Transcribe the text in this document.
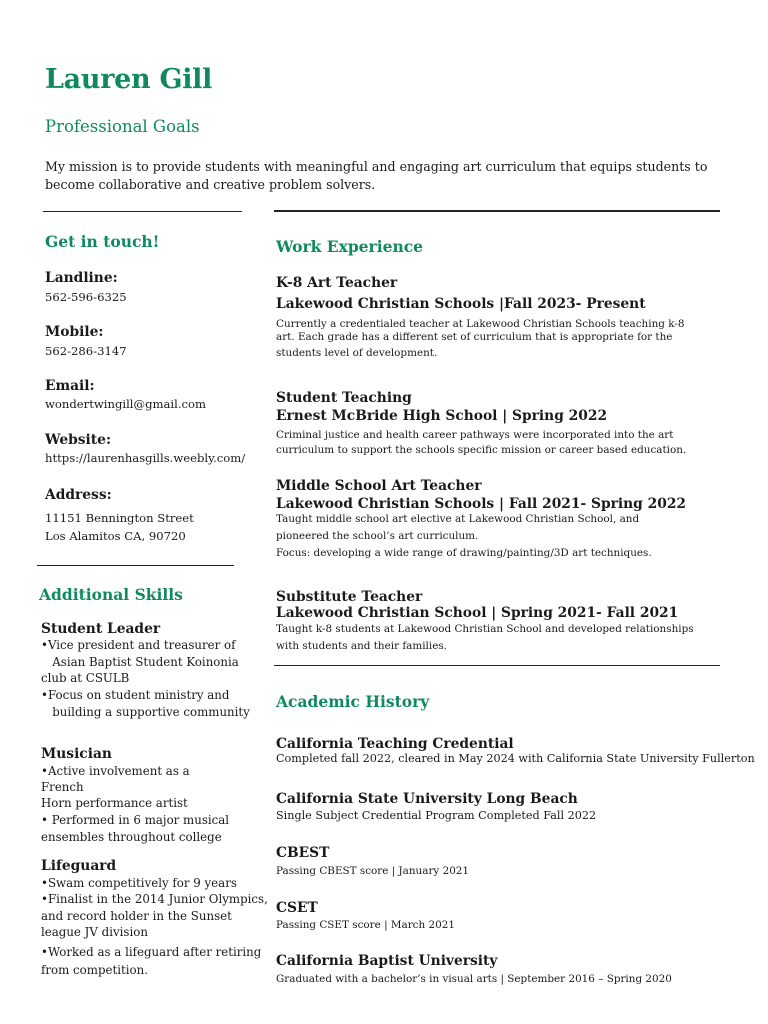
Lauren Gill
Professional Goals
My mission is to provide students with meaningful and engaging art curriculum that equips students to become collaborative and creative problem solvers.
Get in touch!
Landline:
562-596-6325
Mobile:
562-286-3147
Email:
wondertwingill@gmail.com
Website:
https://laurenhasgills.weebly.com/
Address:
11151 Bennington Street
Los Alamitos CA, 90720
Additional Skills
Student Leader
•Vice president and treasurer of
Asian Baptist Student Koinonia
club at CSULB
•Focus on student ministry and
building a supportive community
Musician
•Active involvement as a
French
Horn performance artist
• Performed in 6 major musical
ensembles throughout college
Lifeguard
•Swam competitively for 9 years
•Finalist in the 2014 Junior Olympics,
and record holder in the Sunset
league JV division
•Worked as a lifeguard after retiring
from competition.
Work Experience
K-8 Art Teacher
Lakewood Christian Schools |Fall 2023- Present
Currently a credentialed teacher at Lakewood Christian Schools teaching k-8
art. Each grade has a different set of curriculum that is appropriate for the
students level of development.
Student Teaching
Ernest McBride High School | Spring 2022
Criminal justice and health career pathways were incorporated into the art
curriculum to support the schools specific mission or career based education.
Middle School Art Teacher
Lakewood Christian Schools | Fall 2021- Spring 2022
Taught middle school art elective at Lakewood Christian School, and
pioneered the school’s art curriculum.
Focus: developing a wide range of drawing/painting/3D art techniques.
Substitute Teacher
Lakewood Christian School | Spring 2021- Fall 2021
Taught k-8 students at Lakewood Christian School and developed relationships
with students and their families.
Academic History
California Teaching Credential
Completed fall 2022, cleared in May 2024 with California State University Fullerton
California State University Long Beach
Single Subject Credential Program Completed Fall 2022
CBEST
Passing CBEST score | January 2021
CSET
Passing CSET score | March 2021
California Baptist University
Graduated with a bachelor’s in visual arts | September 2016 – Spring 2020
